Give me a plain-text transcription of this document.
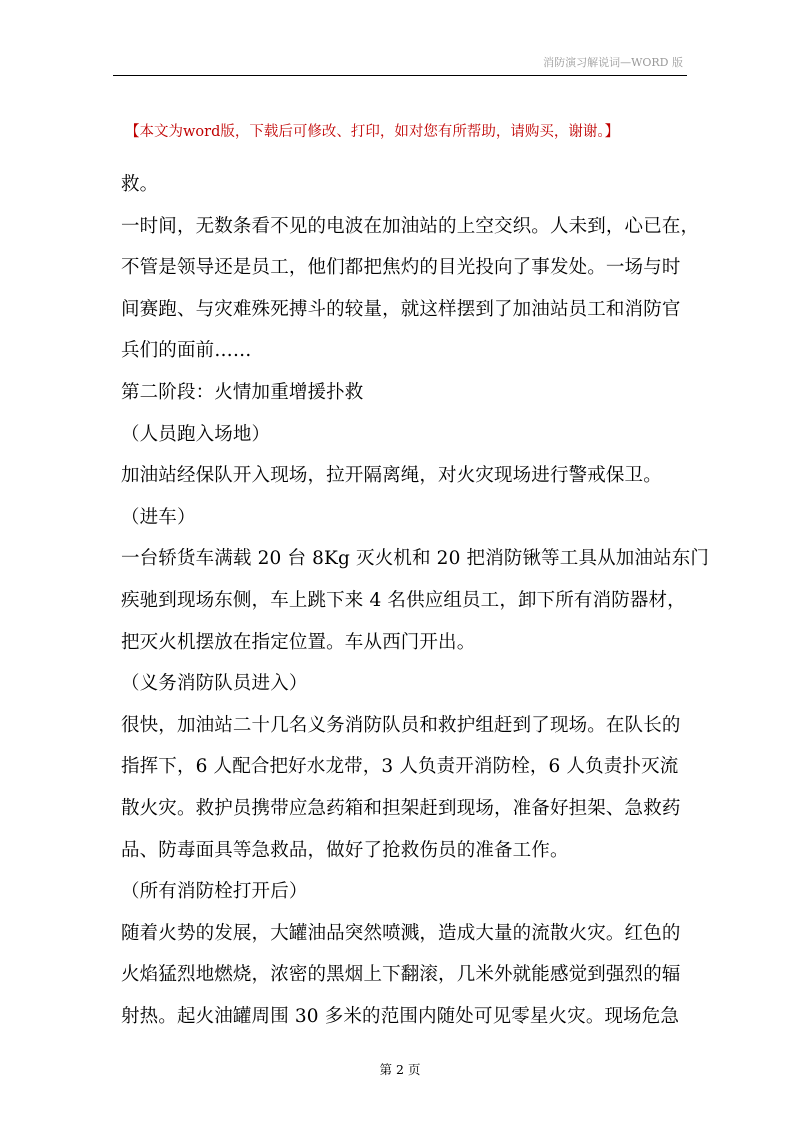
消防演习解说词—WORD 版
【本文为word版，下载后可修改、打印，如对您有所帮助，请购买，谢谢。】
救。
一时间，无数条看不见的电波在加油站的上空交织。人未到，心已在，
不管是领导还是员工，他们都把焦灼的目光投向了事发处。一场与时
间赛跑、与灾难殊死搏斗的较量，就这样摆到了加油站员工和消防官
兵们的面前……
第二阶段：火情加重增援扑救
（人员跑入场地）
加油站经保队开入现场，拉开隔离绳，对火灾现场进行警戒保卫。
（进车）
一台轿货车满载 20 台 8Kg 灭火机和 20 把消防锹等工具从加油站东门
疾驰到现场东侧，车上跳下来 4 名供应组员工，卸下所有消防器材，
把灭火机摆放在指定位置。车从西门开出。
（义务消防队员进入）
很快，加油站二十几名义务消防队员和救护组赶到了现场。在队长的
指挥下，6 人配合把好水龙带，3 人负责开消防栓，6 人负责扑灭流
散火灾。救护员携带应急药箱和担架赶到现场，准备好担架、急救药
品、防毒面具等急救品，做好了抢救伤员的准备工作。
（所有消防栓打开后）
随着火势的发展，大罐油品突然喷溅，造成大量的流散火灾。红色的
火焰猛烈地燃烧，浓密的黑烟上下翻滚，几米外就能感觉到强烈的辐
射热。起火油罐周围 30 多米的范围内随处可见零星火灾。现场危急
第 2 页
